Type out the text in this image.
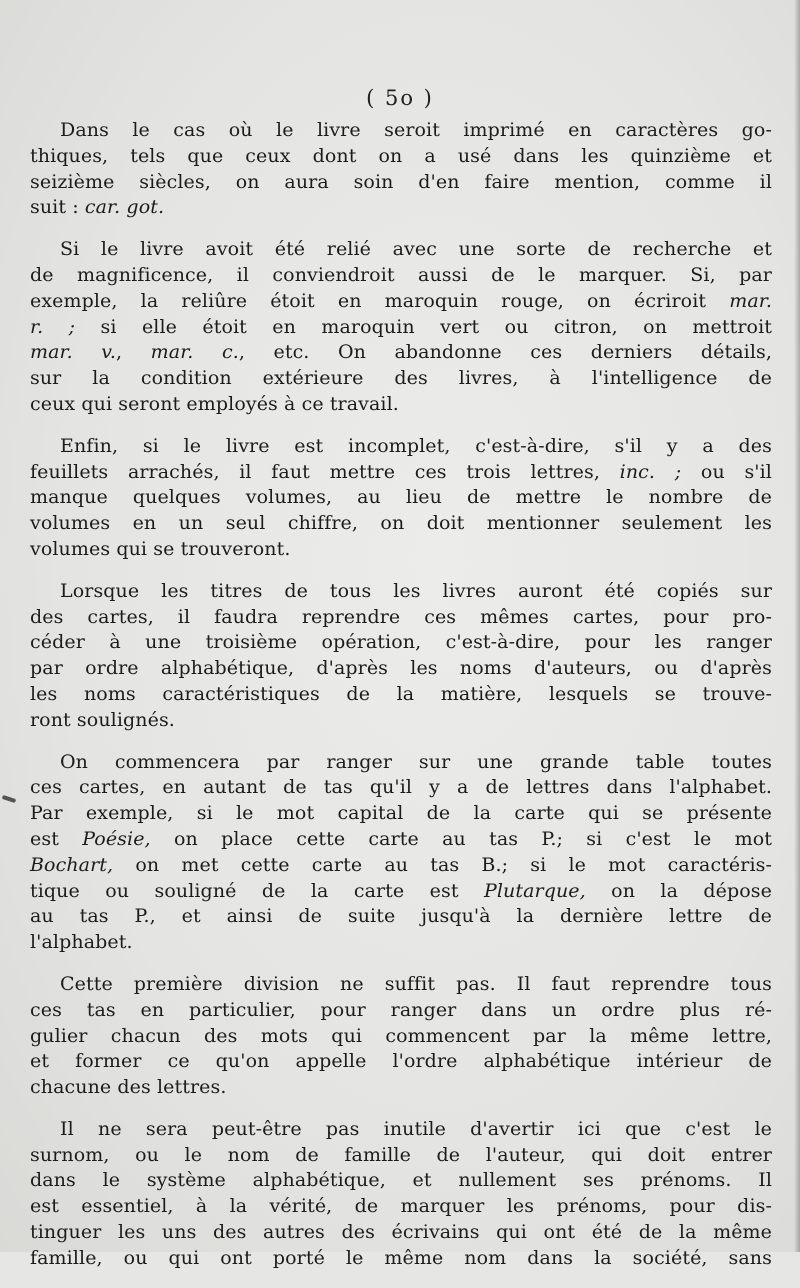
( 5o )
Dans le cas où le livre seroit imprimé en caractères go-
thiques, tels que ceux dont on a usé dans les quinzième et
seizième siècles, on aura soin d'en faire mention, comme il
suit : car. got.
Si le livre avoit été relié avec une sorte de recherche et
de magnificence, il conviendroit aussi de le marquer. Si, par
exemple, la reliûre étoit en maroquin rouge, on écriroit mar.
r. ; si elle étoit en maroquin vert ou citron, on mettroit
mar. v., mar. c., etc. On abandonne ces derniers détails,
sur la condition extérieure des livres, à l'intelligence de
ceux qui seront employés à ce travail.
Enfin, si le livre est incomplet, c'est-à-dire, s'il y a des
feuillets arrachés, il faut mettre ces trois lettres, inc. ; ou s'il
manque quelques volumes, au lieu de mettre le nombre de
volumes en un seul chiffre, on doit mentionner seulement les
volumes qui se trouveront.
Lorsque les titres de tous les livres auront été copiés sur
des cartes, il faudra reprendre ces mêmes cartes, pour pro-
céder à une troisième opération, c'est-à-dire, pour les ranger
par ordre alphabétique, d'après les noms d'auteurs, ou d'après
les noms caractéristiques de la matière, lesquels se trouve-
ront soulignés.
On commencera par ranger sur une grande table toutes
ces cartes, en autant de tas qu'il y a de lettres dans l'alphabet.
Par exemple, si le mot capital de la carte qui se présente
est Poésie, on place cette carte au tas P.; si c'est le mot
Bochart, on met cette carte au tas B.; si le mot caractéris-
tique ou souligné de la carte est Plutarque, on la dépose
au tas P., et ainsi de suite jusqu'à la dernière lettre de
l'alphabet.
Cette première division ne suffit pas. Il faut reprendre tous
ces tas en particulier, pour ranger dans un ordre plus ré-
gulier chacun des mots qui commencent par la même lettre,
et former ce qu'on appelle l'ordre alphabétique intérieur de
chacune des lettres.
Il ne sera peut-être pas inutile d'avertir ici que c'est le
surnom, ou le nom de famille de l'auteur, qui doit entrer
dans le système alphabétique, et nullement ses prénoms. Il
est essentiel, à la vérité, de marquer les prénoms, pour dis-
tinguer les uns des autres des écrivains qui ont été de la même
famille, ou qui ont porté le même nom dans la société, sans
